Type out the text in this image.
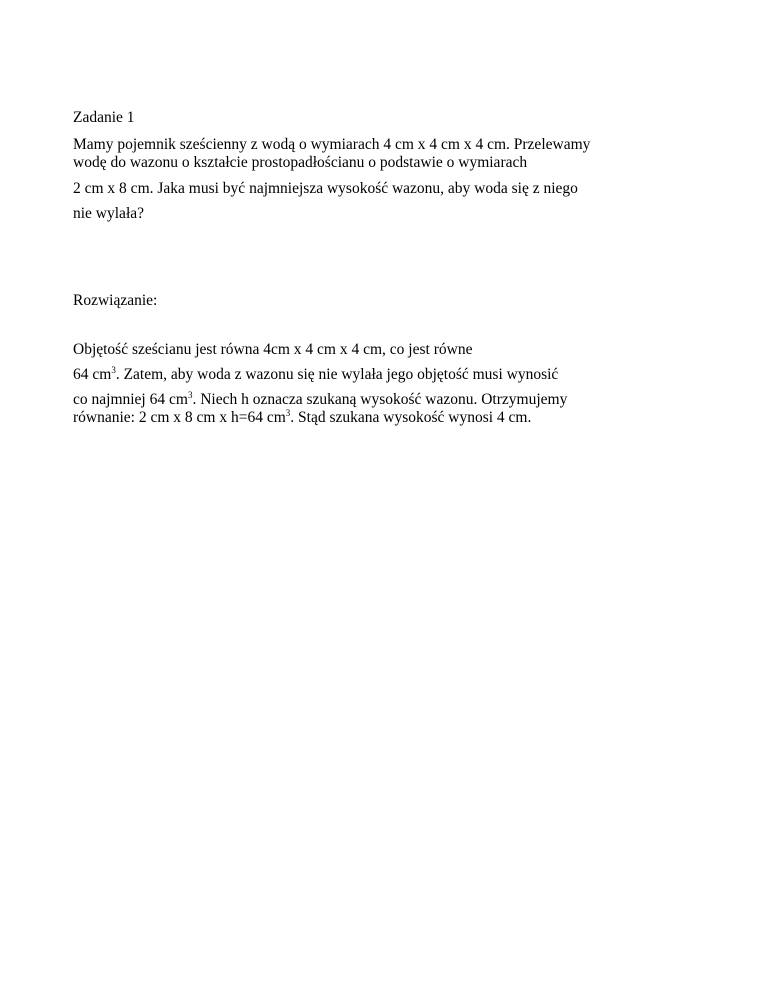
Zadanie 1
Mamy pojemnik sześcienny z wodą o wymiarach 4 cm x 4 cm x 4 cm. Przelewamy
wodę do wazonu o kształcie prostopadłościanu o podstawie o wymiarach
2 cm x 8 cm. Jaka musi być najmniejsza wysokość wazonu, aby woda się z niego
nie wylała?
Rozwiązanie:
Objętość sześcianu jest równa 4cm x 4 cm x 4 cm, co jest równe
64 $cm^3$. Zatem, aby woda z wazonu się nie wylała jego objętość musi wynosić
co najmniej 64 $cm^3$. Niech h oznacza szukaną wysokość wazonu. Otrzymujemy
równanie: 2 cm x 8 cm x h=64 $cm^3$. Stąd szukana wysokość wynosi 4 cm.
